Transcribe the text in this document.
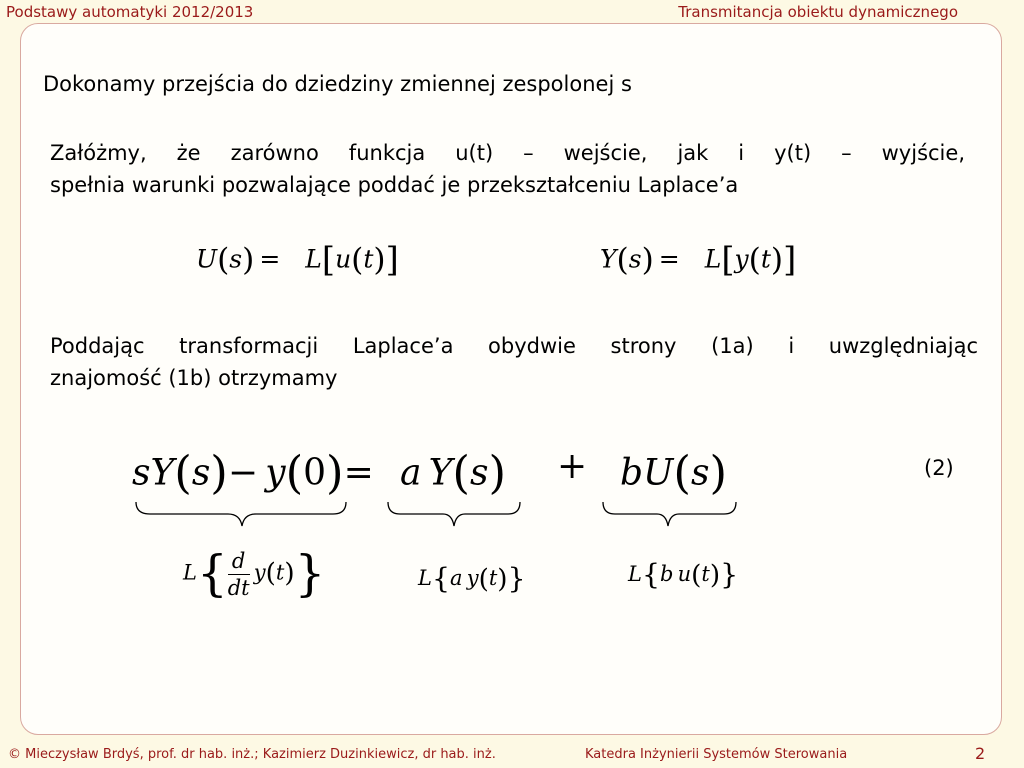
Podstawy automatyki 2012/2013	Transmitancja obiektu dynamicznego
Dokonamy przejścia do dziedziny zmiennej zespolonej s
Załóżmy, że zarówno funkcja u(t) – wejście, jak i y(t) – wyjście,
spełnia warunki pozwalające poddać je przekształceniu Laplace’a
U(s) =  L[u(t)]	Y(s) =  L[y(t)]
Poddając transformacji Laplace’a obydwie strony (1a) i uwzględniając
znajomość (1b) otrzymamy
sY(s)− y(0)= a Y(s) + bU(s)	(2)
$L\{ \frac{d}{dt} y(t)\}$	L{a y(t)}	L{b u(t)}
© Mieczysław Brdyś, prof. dr hab. inż.; Kazimierz Duzinkiewicz, dr hab. inż.	Katedra Inżynierii Systemów Sterowania	2
